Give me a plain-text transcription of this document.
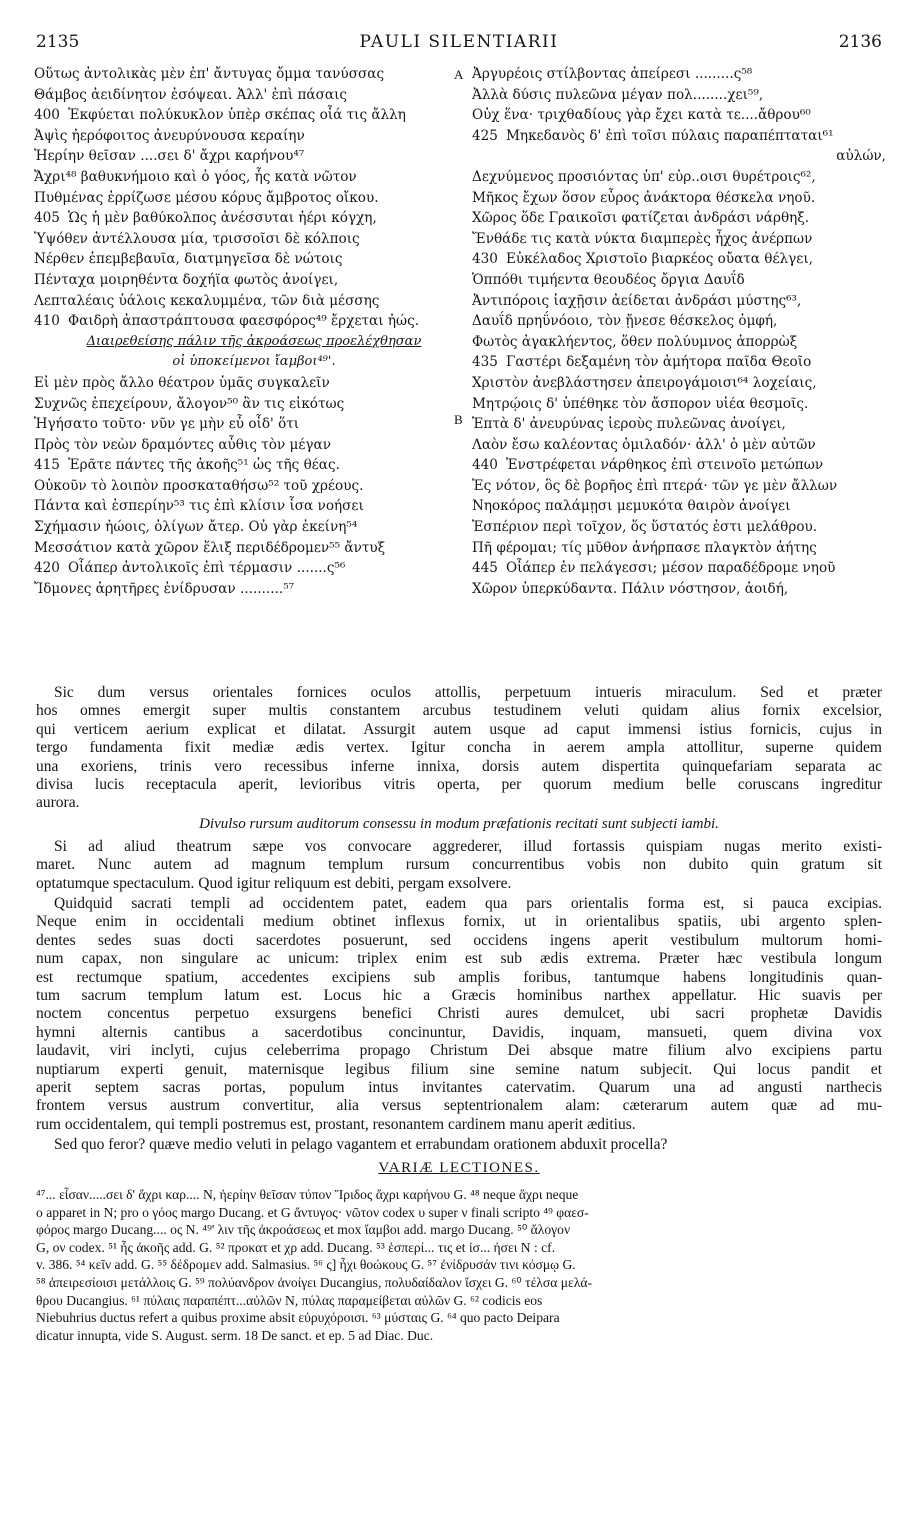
2135	PAULI SILENTIARII	2136
Οὕτως ἀντολικὰς μὲν ἐπ' ἄντυγας ὄμμα τανύσσας
Θάμβος ἀειδίνητον ἐσόψεαι. Ἀλλ' ἐπὶ πάσαις
400 Ἐκφύεται πολύκυκλον ὑπὲρ σκέπας οἷά τις ἄλλη
Ἀψὶς ἠερόφοιτος ἀνευρύνουσα κεραίην
Ἠερίην θεῖσαν ....σει δ' ἄχρι καρήνου⁴⁷
Ἄχρι⁴⁸ βαθυκνήμοιο καὶ ὁ γόος, ἧς κατὰ νῶτον
Πυθμένας ἐρρίζωσε μέσου κόρυς ἄμβροτος οἴκου.
405 Ὡς ἡ μὲν βαθύκολπος ἀνέσσυται ἠέρι κόγχη,
Ὑψόθεν ἀντέλλουσα μία, τρισσοῖσι δὲ κόλποις
Νέρθεν ἐπεμβεβαυῖα, διατμηγεῖσα δὲ νώτοις
Πένταχα μοιρηθέντα δοχήϊα φωτὸς ἀνοίγει,
Λεπταλέαις ὑάλοις κεκαλυμμένα, τῶν διὰ μέσσης
410 Φαιδρὴ ἀπαστράπτουσα φαεσφόρος⁴⁹ ἔρχεται ἠώς.
Διαιρεθείσης πάλιν τῆς ἀκροάσεως προελέχθησαν
οἱ ὑποκείμενοι ἴαμβοι⁴⁹'.
Εἰ μὲν πρὸς ἄλλο θέατρον ὑμᾶς συγκαλεῖν
Συχνῶς ἐπεχείρουν, ἄλογον⁵⁰ ἂν τις εἰκότως
Ἡγήσατο τοῦτο· νῦν γε μὴν εὖ οἶδ' ὅτι
Πρὸς τὸν νεὼν δραμόντες αὖθις τὸν μέγαν
415 Ἐρᾶτε πάντες τῆς ἀκοῆς⁵¹ ὡς τῆς θέας.
Οὐκοῦν τὸ λοιπὸν προσκαταθήσω⁵² τοῦ χρέους.
Πάντα καὶ ἑσπερίην⁵³ τις ἐπὶ κλίσιν ἶσα νοήσει
Σχήμασιν ἠώοις, ὀλίγων ἄτερ. Οὐ γὰρ ἐκείνη⁵⁴
Μεσσάτιον κατὰ χῶρον ἕλιξ περιδέδρομεν⁵⁵ ἄντυξ
420 Οἷάπερ ἀντολικοῖς ἐπὶ τέρμασιν .......ς⁵⁶
Ἴδμονες ἀρητῆρες ἐνίδρυσαν ..........⁵⁷
Ἀργυρέοις στίλβοντας ἀπείρεσι .........ς⁵⁸
Ἀλλὰ δύσις πυλεῶνα μέγαν πολ........χει⁵⁹,
Οὐχ ἕνα· τριχθαδίους γὰρ ἔχει κατὰ τε....ἄθρου⁶⁰
425 Μηκεδανὸς δ' ἐπὶ τοῖσι πύλαις παραπέπταται⁶¹
αὐλών,
Δεχνύμενος προσιόντας ὑπ' εὐρ..οισι θυρέτροις⁶²,
Μῆκος ἔχων ὅσον εὖρος ἀνάκτορα θέσκελα νηοῦ.
Χῶρος ὅδε Γραικοῖσι φατίζεται ἀνδράσι νάρθηξ.
Ἔνθάδε τις κατὰ νύκτα διαμπερὲς ἦχος ἀνέρπων
430 Εὐκέλαδος Χριστοῖο βιαρκέος οὔατα θέλγει,
Ὁππόθι τιμήεντα θεουδέος ὄργια Δαυΐδ
Ἀντιπόροις ἰαχῇσιν ἀείδεται ἀνδράσι μύστης⁶³,
Δαυΐδ πρηΰνόοιο, τὸν ᾔνεσε θέσκελος ὀμφή,
Φωτὸς ἀγακλήεντος, ὅθεν πολύυμνος ἀπορρὼξ
435 Γαστέρι δεξαμένη τὸν ἀμήτορα παῖδα Θεοῖο
Χριστὸν ἀνεβλάστησεν ἀπειρογάμοισι⁶⁴ λοχείαις,
Μητρῴοις δ' ὑπέθηκε τὸν ἄσπορον υἱέα θεσμοῖς.
Ἑπτὰ δ' ἀνευρύνας ἱεροὺς πυλεῶνας ἀνοίγει,
Λαὸν ἔσω καλέοντας ὁμιλαδόν· ἀλλ' ὁ μὲν αὐτῶν
440 Ἐνστρέφεται νάρθηκος ἐπὶ στεινοῖο μετώπων
Ἐς νότον, ὃς δὲ βορῆος ἐπὶ πτερά· τῶν γε μὲν ἄλλων
Νηοκόρος παλάμῃσι μεμυκότα θαιρὸν ἀνοίγει
Ἑσπέριον περὶ τοῖχον, ὅς ὕστατός ἐστι μελάθρου.
Πῆ φέρομαι; τίς μῦθον ἀνήρπασε πλαγκτὸν ἀήτης
445 Οἷάπερ ἐν πελάγεσσι; μέσον παραδέδρομε νηοῦ
Χῶρον ὑπερκύδαντα. Πάλιν νόστησον, ἀοιδή,
A
B

Sic dum versus orientales fornices oculos attollis, perpetuum intueris miraculum. Sed et præter
hos omnes emergit super multis constantem arcubus testudinem veluti quidam alius fornix excelsior,
qui verticem aerium explicat et dilatat. Assurgit autem usque ad caput immensi istius fornicis, cujus in
tergo fundamenta fixit mediæ ædis vertex. Igitur concha in aerem ampla attollitur, superne quidem
una exoriens, trinis vero recessibus inferne innixa, dorsis autem dispertita quinquefariam separata ac
divisa lucis receptacula aperit, levioribus vitris operta, per quorum medium belle coruscans ingreditur
aurora.

Divulso rursum auditorum consessu in modum præfationis recitati sunt subjecti iambi.

Si ad aliud theatrum sæpe vos convocare aggrederer, illud fortassis quispiam nugas merito existi-
maret. Nunc autem ad magnum templum rursum concurrentibus vobis non dubito quin gratum sit
optatumque spectaculum. Quod igitur reliquum est debiti, pergam exsolvere.

Quidquid sacrati templi ad occidentem patet, eadem qua pars orientalis forma est, si pauca excipias.
Neque enim in occidentali medium obtinet inflexus fornix, ut in orientalibus spatiis, ubi argento splen-
dentes sedes suas docti sacerdotes posuerunt, sed occidens ingens aperit vestibulum multorum homi-
num capax, non singulare ac unicum: triplex enim est sub ædis extrema. Præter hæc vestibula longum
est rectumque spatium, accedentes excipiens sub amplis foribus, tantumque habens longitudinis quan-
tum sacrum templum latum est. Locus hic a Græcis hominibus narthex appellatur. Hic suavis per
noctem concentus perpetuo exsurgens benefici Christi aures demulcet, ubi sacri prophetæ Davidis
hymni alternis cantibus a sacerdotibus concinuntur, Davidis, inquam, mansueti, quem divina vox
laudavit, viri inclyti, cujus celeberrima propago Christum Dei absque matre filium alvo excipiens partu
nuptiarum experti genuit, maternisque legibus filium sine semine natum subjecit. Qui locus pandit et
aperit septem sacras portas, populum intus invitantes catervatim. Quarum una ad angusti narthecis
frontem versus austrum convertitur, alia versus septentrionalem alam: cæterarum autem quæ ad mu-
rum occidentalem, qui templi postremus est, prostant, resonantem cardinem manu aperit æditius.

Sed quo feror? quæve medio veluti in pelago vagantem et errabundam orationem abduxit procella?

VARIÆ LECTIONES.
⁴⁷... εἶσαν.....σει δ' ἄχρι καρ.... N, ἠερίην θεῖσαν τύπον Ἴριδος ἄχρι καρήνου G. ⁴⁸ neque ἄχρι neque
ο apparet in N; pro ο γόος margo Ducang. et G ἄντυγος· νῶτον codex υ super ν finali scripto ⁴⁹ φαεσ-
φόρος margo Ducang.... ος N. ⁴⁹' λιν τῆς ἀκροάσεως et mox ἴαμβοι add. margo Ducang. ⁵⁰ ἄλογον
G, ον codex. ⁵¹ ἧς ἀκοῆς add. G. ⁵² προκατ et χρ add. Ducang. ⁵³ ἑσπερί... τις et ἰσ... ἠσει N : cf.
v. 386. ⁵⁴ κεῖν add. G. ⁵⁵ δέδρομεν add. Salmasius. ⁵⁶ ς] ἦχι θοώκους G. ⁵⁷ ἐνίδρυσάν τινι κόσμῳ G.
⁵⁸ ἀπειρεσίοισι μετάλλοις G. ⁵⁹ πολύανδρον ἀνοίγει Ducangius, πολυδαίδαλον ἴσχει G. ⁶⁰ τέλσα μελά-
θρου Ducangius. ⁶¹ πύλαις παραπέπτ...αὐλῶν N, πύλας παραμείβεται αὐλῶν G. ⁶² codicis eos
Niebuhrius ductus refert a quibus proxime absit εὐρυχόροισι. ⁶³ μύσταις G. ⁶⁴ quo pacto Deipara
dicatur innupta, vide S. August. serm. 18 De sanct. et ep. 5 ad Diac. Duc.
